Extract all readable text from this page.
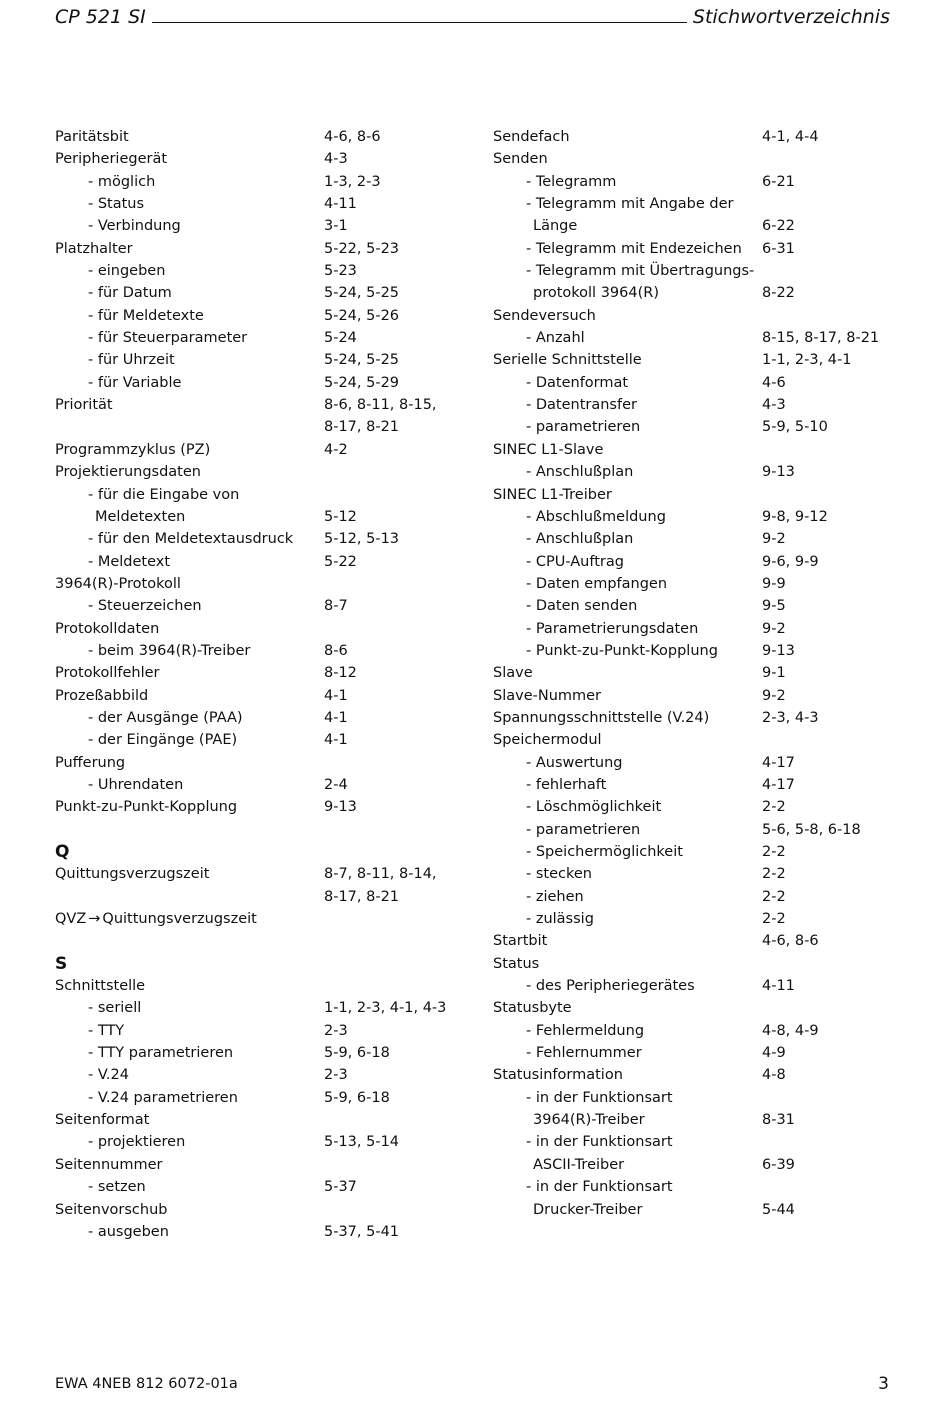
CP 521 SI	Stichwortverzeichnis
Paritätsbit	4-6, 8-6
Peripheriegerät	4-3
- möglich	1-3, 2-3
- Status	4-11
- Verbindung	3-1
Platzhalter	5-22, 5-23
- eingeben	5-23
- für Datum	5-24, 5-25
- für Meldetexte	5-24, 5-26
- für Steuerparameter	5-24
- für Uhrzeit	5-24, 5-25
- für Variable	5-24, 5-29
Priorität	8-6, 8-11, 8-15,
8-17, 8-21
Programmzyklus (PZ)	4-2
Projektierungsdaten
- für die Eingabe von
Meldetexten	5-12
- für den Meldetextausdruck 5-12, 5-13
- Meldetext	5-22
3964(R)-Protokoll
- Steuerzeichen	8-7
Protokolldaten
- beim 3964(R)-Treiber	8-6
Protokollfehler	8-12
Prozeßabbild	4-1
- der Ausgänge (PAA)	4-1
- der Eingänge (PAE)	4-1
Pufferung
- Uhrendaten	2-4
Punkt-zu-Punkt-Kopplung	9-13
Q
Quittungsverzugszeit	8-7, 8-11, 8-14,
8-17, 8-21
QVZ → Quittungsverzugszeit
S
Schnittstelle
- seriell	1-1, 2-3, 4-1, 4-3
- TTY	2-3
- TTY parametrieren	5-9, 6-18
- V.24	2-3
- V.24 parametrieren	5-9, 6-18
Seitenformat
- projektieren	5-13, 5-14
Seitennummer
- setzen	5-37
Seitenvorschub
- ausgeben	5-37, 5-41
Sendefach	4-1, 4-4
Senden
- Telegramm	6-21
- Telegramm mit Angabe der
Länge	6-22
- Telegramm mit Endezeichen 6-31
- Telegramm mit Übertragungs-
protokoll 3964(R)	8-22
Sendeversuch
- Anzahl	8-15, 8-17, 8-21
Serielle Schnittstelle	1-1, 2-3, 4-1
- Datenformat	4-6
- Datentransfer	4-3
- parametrieren	5-9, 5-10
SINEC L1-Slave
- Anschlußplan	9-13
SINEC L1-Treiber
- Abschlußmeldung	9-8, 9-12
- Anschlußplan	9-2
- CPU-Auftrag	9-6, 9-9
- Daten empfangen	9-9
- Daten senden	9-5
- Parametrierungsdaten	9-2
- Punkt-zu-Punkt-Kopplung	9-13
Slave	9-1
Slave-Nummer	9-2
Spannungsschnittstelle (V.24)	2-3, 4-3
Speichermodul
- Auswertung	4-17
- fehlerhaft	4-17
- Löschmöglichkeit	2-2
- parametrieren	5-6, 5-8, 6-18
- Speichermöglichkeit	2-2
- stecken	2-2
- ziehen	2-2
- zulässig	2-2
Startbit	4-6, 8-6
Status
- des Peripheriegerätes	4-11
Statusbyte
- Fehlermeldung	4-8, 4-9
- Fehlernummer	4-9
Statusinformation	4-8
- in der Funktionsart
3964(R)-Treiber	8-31
- in der Funktionsart
ASCII-Treiber	6-39
- in der Funktionsart
Drucker-Treiber	5-44
EWA 4NEB 812 6072-01a	3
